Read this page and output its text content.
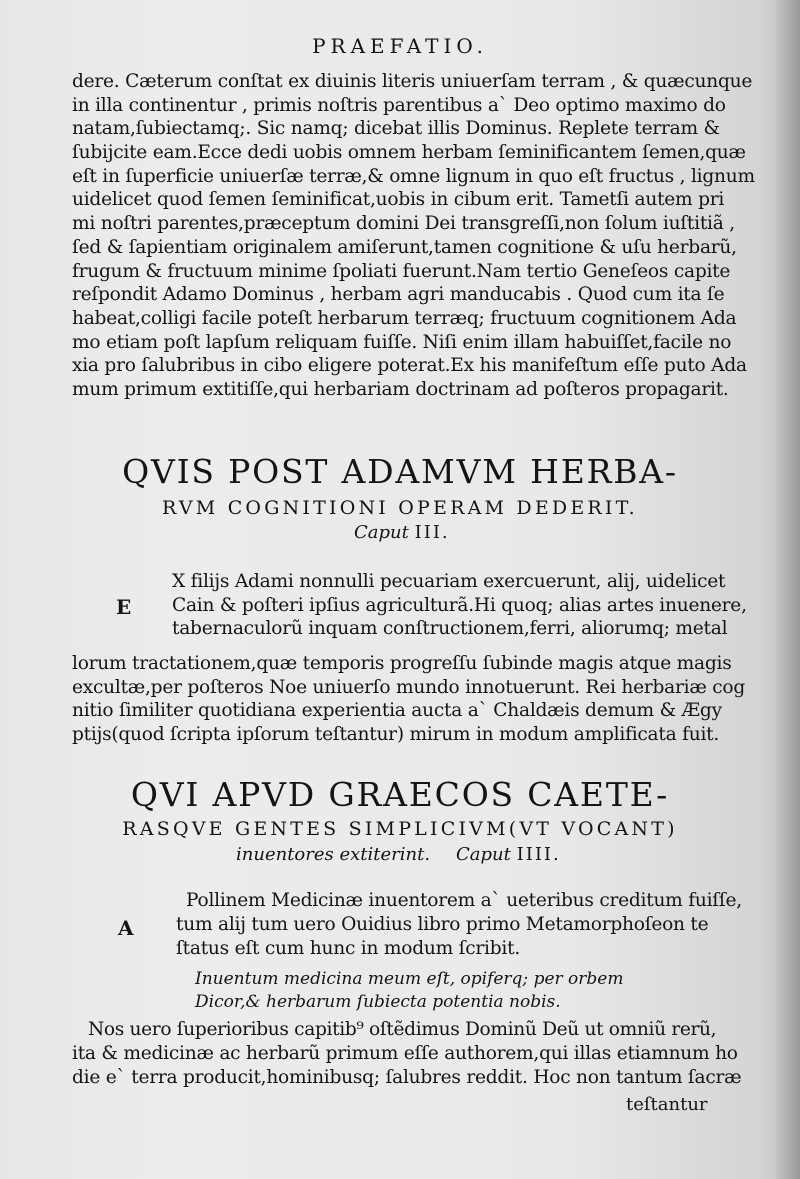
PRAEFATIO.
dere. Cæterum conſtat ex diuinis literis uniuerſam terram , & quæcunque
in illa continentur , primis noſtris parentibus a` Deo optimo maximo do
natam,ſubiectamq;. Sic namq; dicebat illis Dominus. Replete terram &
ſubijcite eam.Ecce dedi uobis omnem herbam ſeminificantem ſemen,quæ
eſt in ſuperficie uniuerſæ terræ,& omne lignum in quo eſt fructus , lignum
uidelicet quod ſemen ſeminificat,uobis in cibum erit. Tametſi autem pri
mi noſtri parentes,præceptum domini Dei transgreſſi,non ſolum iuſtitiã ,
ſed & ſapientiam originalem amiſerunt,tamen cognitione & uſu herbarũ,
frugum & fructuum minime ſpoliati fuerunt.Nam tertio Geneſeos capite
reſpondit Adamo Dominus , herbam agri manducabis . Quod cum ita ſe
habeat,colligi facile poteſt herbarum terræq; fructuum cognitionem Ada
mo etiam poſt lapſum reliquam fuiſſe. Niſi enim illam habuiſſet,facile no
xia pro ſalubribus in cibo eligere poterat.Ex his manifeſtum eſſe puto Ada
mum primum extitiſſe,qui herbariam doctrinam ad poſteros propagarit.
QVIS POST ADAMVM HERBA-
RVM COGNITIONI OPERAM DEDERIT.
Caput III.
E
X filijs Adami nonnulli pecuariam exercuerunt, alij, uidelicet
Cain & poſteri ipſius agriculturã.Hi quoq; alias artes inuenere,
tabernaculorũ inquam conſtructionem,ferri, aliorumq; metal
lorum tractationem,quæ temporis progreſſu ſubinde magis atque magis
excultæ,per poſteros Noe uniuerſo mundo innotuerunt. Rei herbariæ cog
nitio ſimiliter quotidiana experientia aucta a` Chaldæis demum & Ægy
ptijs(quod ſcripta ipſorum teſtantur) mirum in modum amplificata fuit.
QVI APVD GRAECOS CAETE-
RASQVE GENTES SIMPLICIVM(VT VOCANT)
inuentores extiterint. Caput IIII.
A
Pollinem Medicinæ inuentorem a` ueteribus creditum fuiſſe,
tum alij tum uero Ouidius libro primo Metamorphoſeon te
ſtatus eſt cum hunc in modum ſcribit.
Inuentum medicina meum eſt, opiferq; per orbem
Dicor,& herbarum ſubiecta potentia nobis.
Nos uero ſuperioribus capitib⁹ oſtẽdimus Dominũ Deũ ut omniũ rerũ,
ita & medicinæ ac herbarũ primum eſſe authorem,qui illas etiamnum ho
die e` terra producit,hominibusq; ſalubres reddit. Hoc non tantum ſacræ
teſtantur
